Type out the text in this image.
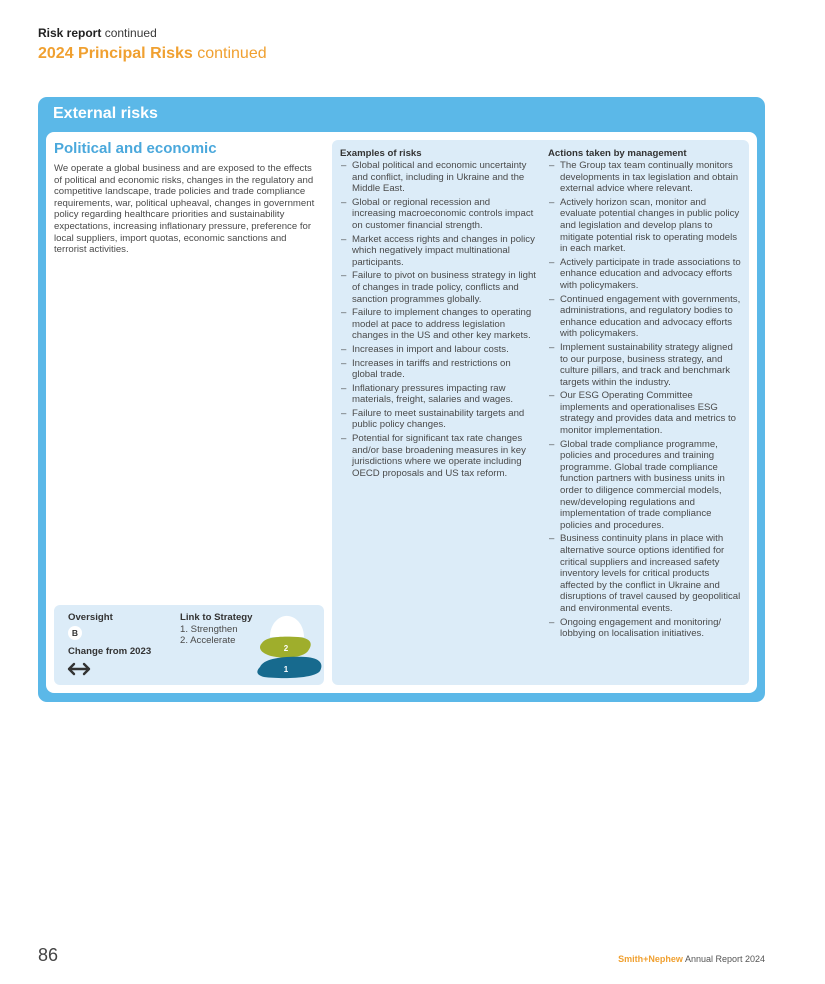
Risk report continued
2024 Principal Risks continued
External risks
Political and economic
We operate a global business and are exposed to the effects of political and economic risks, changes in the regulatory and competitive landscape, trade policies and trade compliance requirements, war, political upheaval, changes in government policy regarding healthcare priorities and sustainability expectations, increasing inflationary pressure, preference for local suppliers, import quotas, economic sanctions and terrorist activities.
Oversight
B
Change from 2023
Link to Strategy
1. Strengthen
2. Accelerate
2
1
Examples of risks
– Global political and economic uncertainty and conflict, including in Ukraine and the Middle East.
– Global or regional recession and increasing macroeconomic controls impact on customer financial strength.
– Market access rights and changes in policy which negatively impact multinational participants.
– Failure to pivot on business strategy in light of changes in trade policy, conflicts and sanction programmes globally.
– Failure to implement changes to operating model at pace to address legislation changes in the US and other key markets.
– Increases in import and labour costs.
– Increases in tariffs and restrictions on global trade.
– Inflationary pressures impacting raw materials, freight, salaries and wages.
– Failure to meet sustainability targets and public policy changes.
– Potential for significant tax rate changes and/or base broadening measures in key jurisdictions where we operate including OECD proposals and US tax reform.
Actions taken by management
– The Group tax team continually monitors developments in tax legislation and obtain external advice where relevant.
– Actively horizon scan, monitor and evaluate potential changes in public policy and legislation and develop plans to mitigate potential risk to operating models in each market.
– Actively participate in trade associations to enhance education and advocacy efforts with policymakers.
– Continued engagement with governments, administrations, and regulatory bodies to enhance education and advocacy efforts with policymakers.
– Implement sustainability strategy aligned to our purpose, business strategy, and culture pillars, and track and benchmark targets within the industry.
– Our ESG Operating Committee implements and operationalises ESG strategy and provides data and metrics to monitor implementation.
– Global trade compliance programme, policies and procedures and training programme. Global trade compliance function partners with business units in order to diligence commercial models, new/developing regulations and implementation of trade compliance policies and procedures.
– Business continuity plans in place with alternative source options identified for critical suppliers and increased safety inventory levels for critical products affected by the conflict in Ukraine and disruptions of travel caused by geopolitical and environmental events.
– Ongoing engagement and monitoring/ lobbying on localisation initiatives.
86	Smith+Nephew Annual Report 2024
